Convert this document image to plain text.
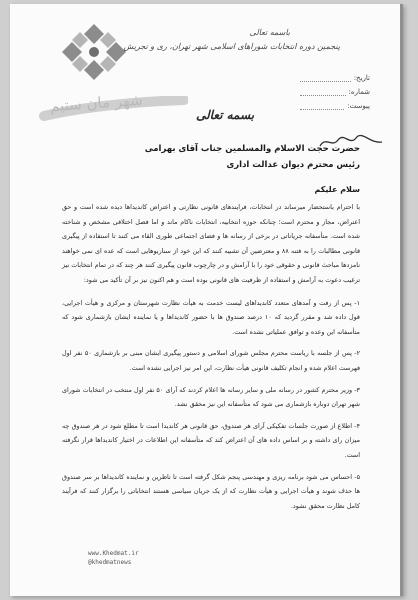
شهر مان ستیم
باسمه تعالی
پنجمین دوره انتخابات شوراهای اسلامی شهر تهران، ری و تجریش
تاریخ:
شماره:
پیوست:
بسمه تعالی
حضرت حجت الاسلام والمسلمین جناب آقای بهرامی
رئیس محترم دیوان عدالت اداری
سلام علیکم

با احترام باستحضار میرساند در انتخابات، فرایندهای قانونی نظارتی و اعتراض کاندیداها دیده شده است و حق اعتراض، مجاز و محترم است؛ چنانکه حوزه انتخابیه، انتخابات ناکام ماند و اما فصل اختلافی مشخص و شناخته شده است. متأسفانه جریاناتی در برخی از رسانه ها و فضای اجتماعی طوری القاء می کنند تا استفاده از پیگیری قانونی مطالبات را به فتنه ۸۸ و معترضین آن تشبیه کنند که این خود از سناریوهایی است که عده ای نمی خواهند نامزدها مباحث قانونی و حقوقی خود را با آرامش و در چارچوب قانون پیگیری کنند هر چند که در تمام انتخابات نیز ترغیب دعوت به آرامش و استفاده از ظرفیت های قانونی بوده است و هم اکنون نیز بر آن تأکید می شود:

۱- پس از رفت و آمدهای متعدد کاندیداهای لیست خدمت به هیأت نظارت شهرستان و مرکزی و هیأت اجرایی، قول داده شد و مقرر گردید که ۱۰ درصد صندوق ها با حضور کاندیداها و یا نماینده ایشان بازشماری شود که متأسفانه این وعده و توافق عملیاتی نشده است.

۲- پس از جلسه با ریاست محترم مجلس شورای اسلامی و دستور پیگیری ایشان مبنی بر بازشماری ۵۰ نفر اول فهرست اعلام شده و انجام تکلیف قانونی هیأت نظارت، این امر نیز اجرایی نشده است.

۳- وزیر محترم کشور در رسانه ملی و سایر رسانه ها اعلام کردند که آرای ۵۰ نفر اول منتخب در انتخابات شورای شهر تهران دوباره بازشماری می شود که متأسفانه این نیز محقق نشد.

۴- اطلاع از صورت جلسات تفکیکی آرای هر صندوق، حق قانونی هر کاندیدا است تا مطلع شود در هر صندوق چه میزان رای داشته و بر اساس داده های آن اعتراض کند که متأسفانه این اطلاعات در اختیار کاندیداها قرار نگرفته است.

۵- احساس می شود برنامه ریزی و مهندسی پنجم شکل گرفته است تا ناظرین و نماینده کاندیداها بر سر صندوق ها حذف شوند و هیأت اجرایی و هیأت نظارت که از یک جریان سیاسی هستند انتخاباتی را برگزار کنند که فرآیند کامل نظارت محقق نشود.

www.Khedmat.ir
@khedmatnews
